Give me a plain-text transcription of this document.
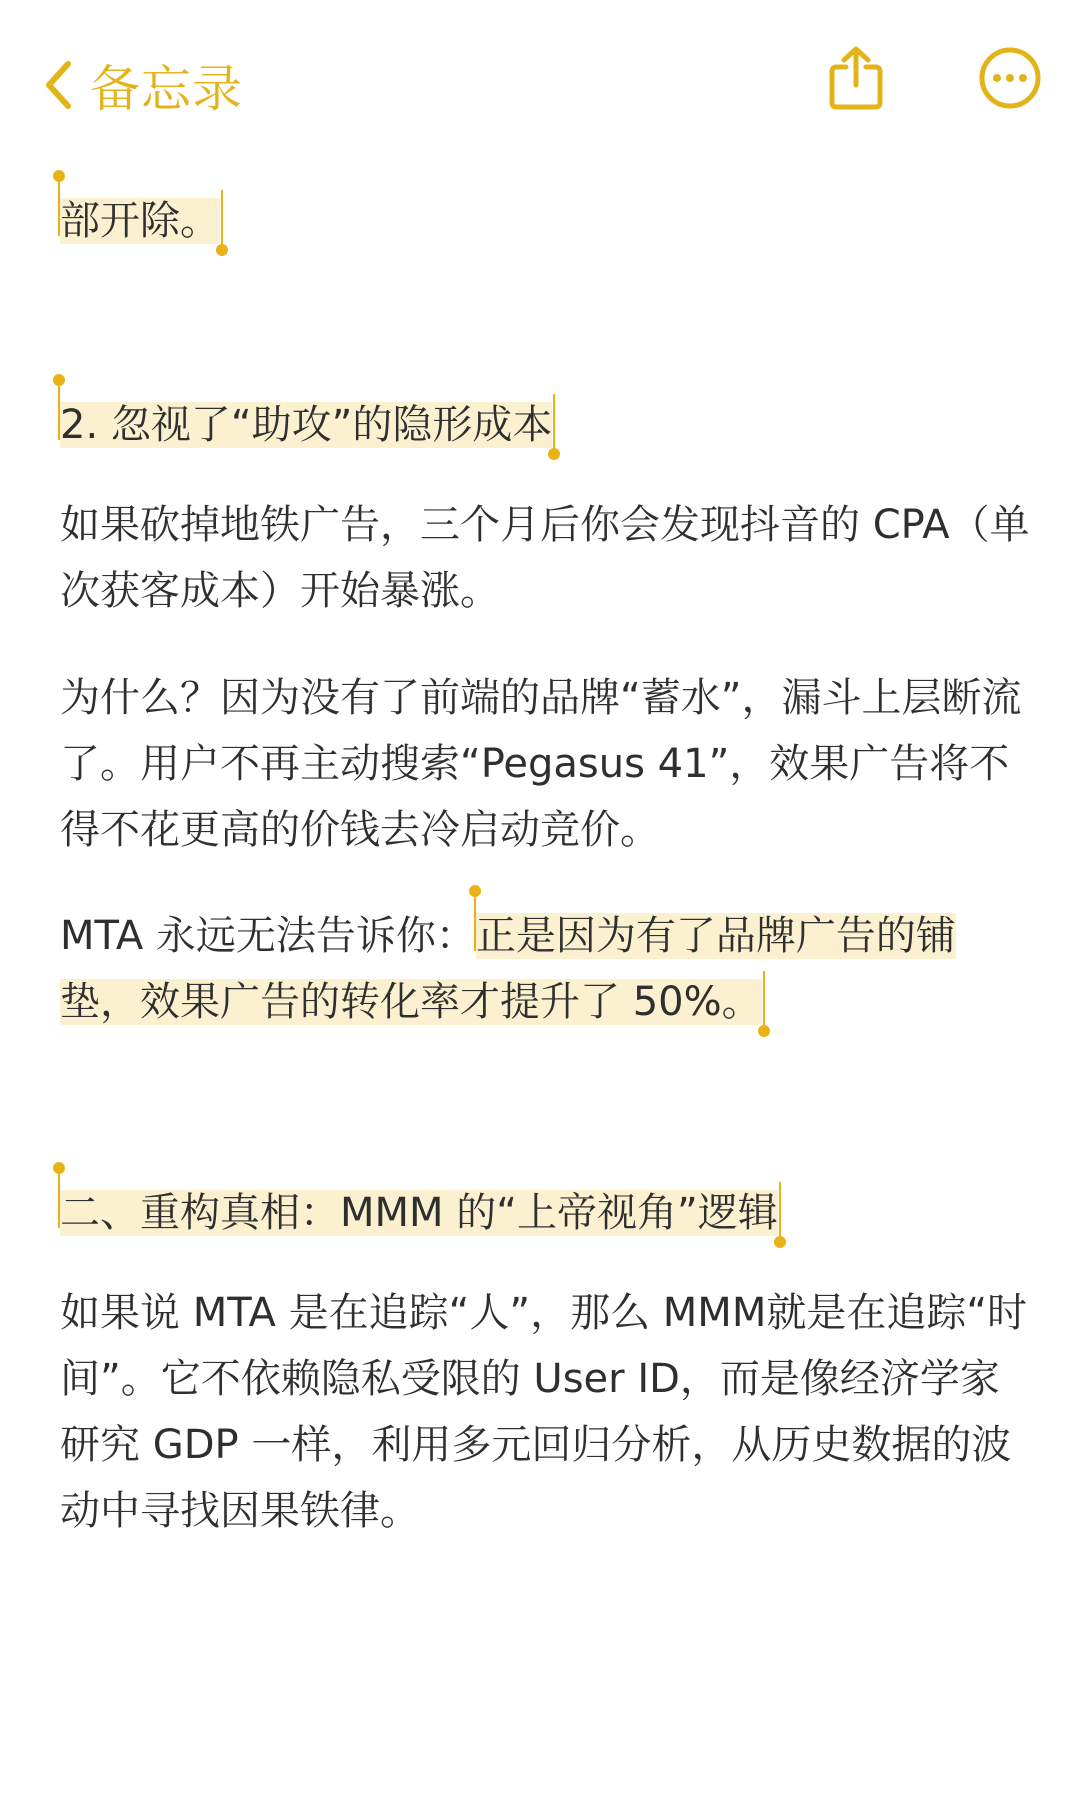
备忘录

部开除。

2. 忽视了“助攻”的隐形成本

如果砍掉地铁广告，三个月后你会发现抖音的 CPA（单次获客成本）开始暴涨。

为什么？因为没有了前端的品牌“蓄水”，漏斗上层断流了。用户不再主动搜索“Pegasus 41”，效果广告将不得不花更高的价钱去冷启动竞价。

MTA 永远无法告诉你：正是因为有了品牌广告的铺垫，效果广告的转化率才提升了 50%。

二、重构真相：MMM 的“上帝视角”逻辑

如果说 MTA 是在追踪“人”，那么 MMM就是在追踪“时间”。它不依赖隐私受限的 User ID，而是像经济学家研究 GDP 一样，利用多元回归分析，从历史数据的波动中寻找因果铁律。
